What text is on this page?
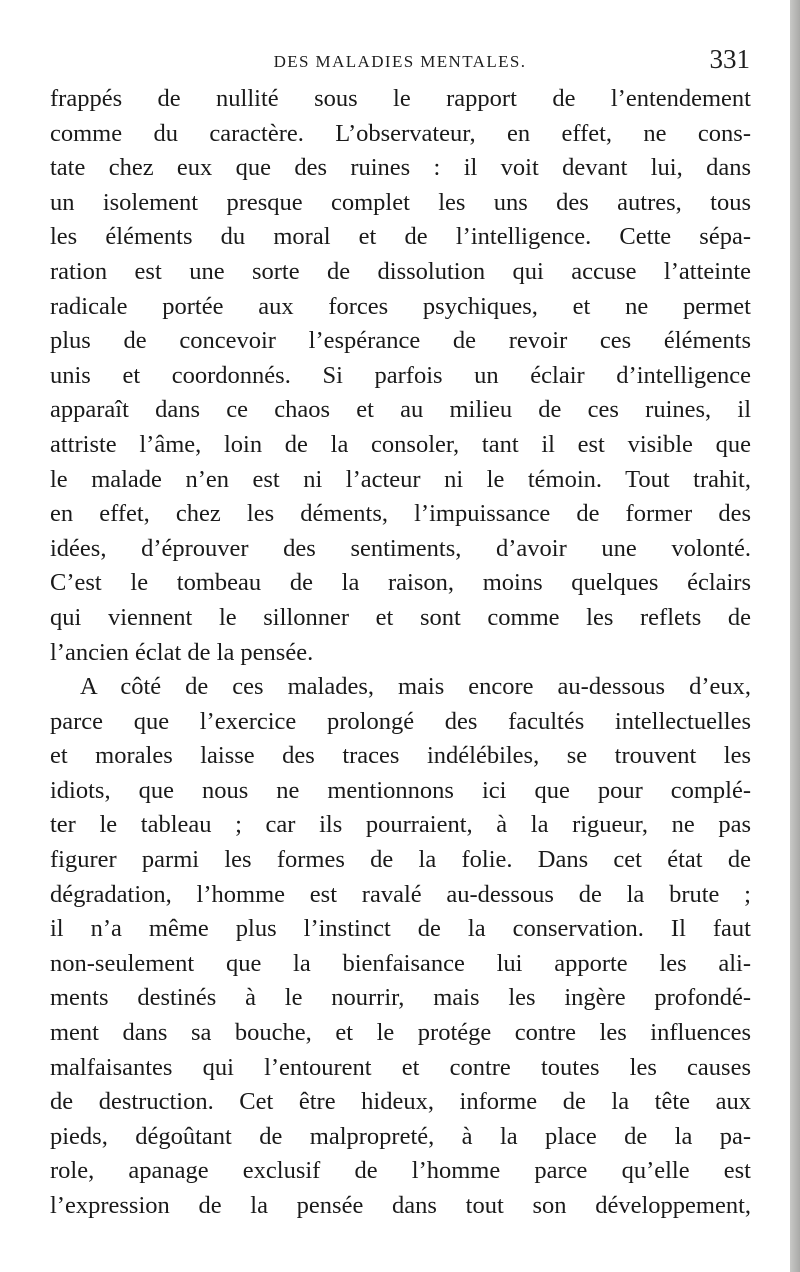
DES MALADIES MENTALES.	331
frappés de nullité sous le rapport de l’entendement
comme du caractère. L’observateur, en effet, ne cons-
tate chez eux que des ruines : il voit devant lui, dans
un isolement presque complet les uns des autres, tous
les éléments du moral et de l’intelligence. Cette sépa-
ration est une sorte de dissolution qui accuse l’atteinte
radicale portée aux forces psychiques, et ne permet
plus de concevoir l’espérance de revoir ces éléments
unis et coordonnés. Si parfois un éclair d’intelligence
apparaît dans ce chaos et au milieu de ces ruines, il
attriste l’âme, loin de la consoler, tant il est visible que
le malade n’en est ni l’acteur ni le témoin. Tout trahit,
en effet, chez les déments, l’impuissance de former des
idées, d’éprouver des sentiments, d’avoir une volonté.
C’est le tombeau de la raison, moins quelques éclairs
qui viennent le sillonner et sont comme les reflets de
l’ancien éclat de la pensée.
A côté de ces malades, mais encore au-dessous d’eux,
parce que l’exercice prolongé des facultés intellectuelles
et morales laisse des traces indélébiles, se trouvent les
idiots, que nous ne mentionnons ici que pour complé-
ter le tableau ; car ils pourraient, à la rigueur, ne pas
figurer parmi les formes de la folie. Dans cet état de
dégradation, l’homme est ravalé au-dessous de la brute ;
il n’a même plus l’instinct de la conservation. Il faut
non-seulement que la bienfaisance lui apporte les ali-
ments destinés à le nourrir, mais les ingère profondé-
ment dans sa bouche, et le protége contre les influences
malfaisantes qui l’entourent et contre toutes les causes
de destruction. Cet être hideux, informe de la tête aux
pieds, dégoûtant de malpropreté, à la place de la pa-
role, apanage exclusif de l’homme parce qu’elle est
l’expression de la pensée dans tout son développement,
